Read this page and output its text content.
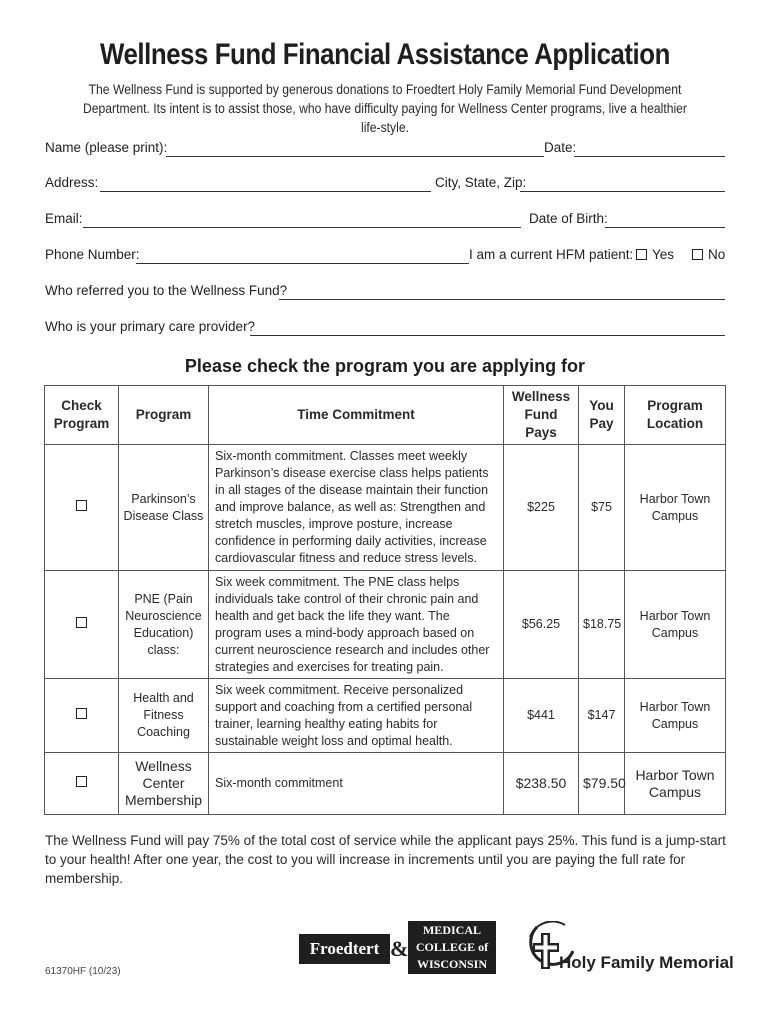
Wellness Fund Financial Assistance Application
The Wellness Fund is supported by generous donations to Froedtert Holy Family Memorial Fund Development Department. Its intent is to assist those, who have difficulty paying for Wellness Center programs, live a healthier life-style.
Name (please print):	Date:
Address:	City, State, Zip:
Email:	Date of Birth:
Phone Number:	I am a current HFM patient:	Yes	No
Who referred you to the Wellness Fund?
Who is your primary care provider?
Please check the program you are applying for
Check Program	Program	Time Commitment	Wellness Fund Pays	You Pay	Program Location
	Parkinson’s Disease Class	Six-month commitment. Classes meet weekly Parkinson’s disease exercise class helps patients in all stages of the disease maintain their function and improve balance, as well as: Strengthen and stretch muscles, improve posture, increase confidence in performing daily activities, increase cardiovascular fitness and reduce stress levels.	$225	$75	Harbor Town Campus
	PNE (Pain Neuroscience Education) class:	Six week commitment. The PNE class helps individuals take control of their chronic pain and health and get back the life they want. The program uses a mind-body approach based on current neuroscience research and includes other strategies and exercises for treating pain.	$56.25	$18.75	Harbor Town Campus
	Health and Fitness Coaching	Six week commitment. Receive personalized support and coaching from a certified personal trainer, learning healthy eating habits for sustainable weight loss and optimal health.	$441	$147	Harbor Town Campus
	Wellness Center Membership	Six-month commitment	$238.50	$79.50	Harbor Town Campus
The Wellness Fund will pay 75% of the total cost of service while the applicant pays 25%. This fund is a jump-start to your health! After one year, the cost to you will increase in increments until you are paying the full rate for membership.
61370HF (10/23)
Froedtert &
MEDICAL
COLLEGE of
WISCONSIN	Holy Family Memorial
